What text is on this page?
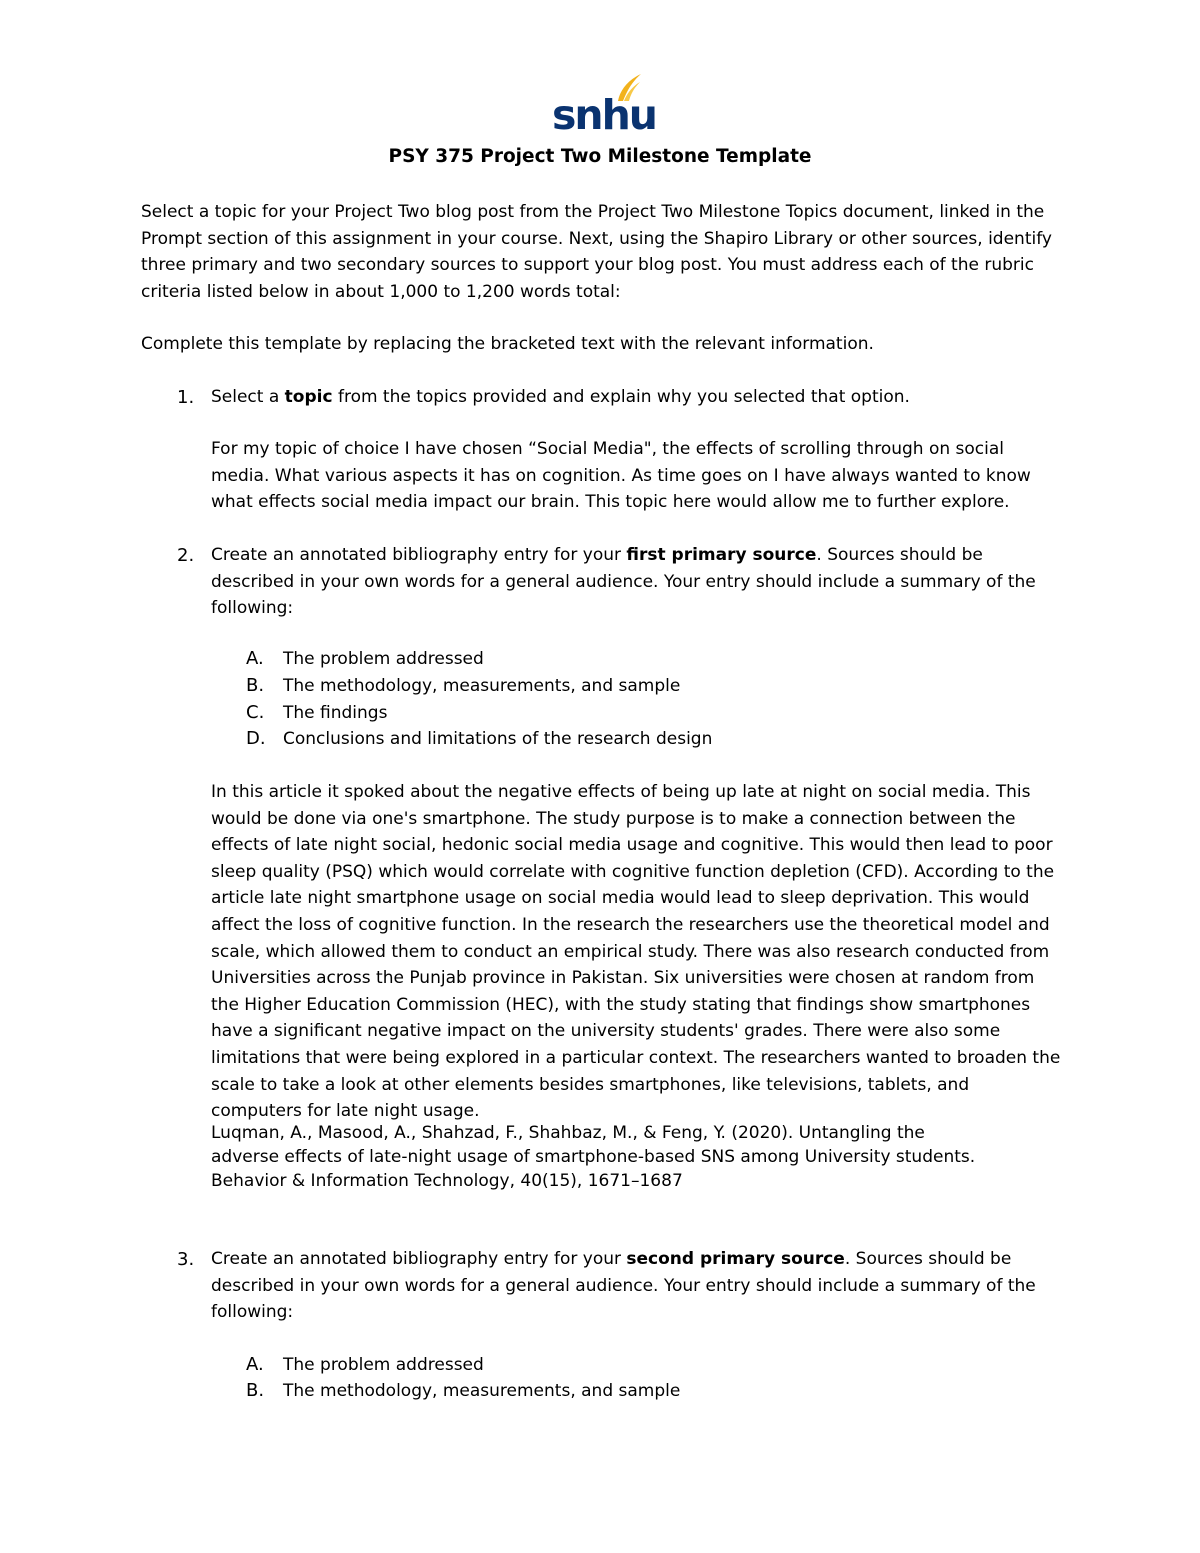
snhu
PSY 375 Project Two Milestone Template

Select a topic for your Project Two blog post from the Project Two Milestone Topics document, linked in the Prompt section of this assignment in your course. Next, using the Shapiro Library or other sources, identify three primary and two secondary sources to support your blog post. You must address each of the rubric criteria listed below in about 1,000 to 1,200 words total:

Complete this template by replacing the bracketed text with the relevant information.

1. Select a topic from the topics provided and explain why you selected that option.

For my topic of choice I have chosen “Social Media", the effects of scrolling through on social media. What various aspects it has on cognition. As time goes on I have always wanted to know what effects social media impact our brain. This topic here would allow me to further explore.

2. Create an annotated bibliography entry for your first primary source. Sources should be described in your own words for a general audience. Your entry should include a summary of the following:

A. The problem addressed
B. The methodology, measurements, and sample
C. The findings
D. Conclusions and limitations of the research design

In this article it spoked about the negative effects of being up late at night on social media. This would be done via one's smartphone. The study purpose is to make a connection between the effects of late night social, hedonic social media usage and cognitive. This would then lead to poor sleep quality (PSQ) which would correlate with cognitive function depletion (CFD). According to the article late night smartphone usage on social media would lead to sleep deprivation. This would affect the loss of cognitive function. In the research the researchers use the theoretical model and scale, which allowed them to conduct an empirical study. There was also research conducted from Universities across the Punjab province in Pakistan. Six universities were chosen at random from the Higher Education Commission (HEC), with the study stating that findings show smartphones have a significant negative impact on the university students' grades. There were also some limitations that were being explored in a particular context. The researchers wanted to broaden the scale to take a look at other elements besides smartphones, like televisions, tablets, and computers for late night usage.

Luqman, A., Masood, A., Shahzad, F., Shahbaz, M., & Feng, Y. (2020). Untangling the
adverse effects of late-night usage of smartphone-based SNS among University students.
Behavior & Information Technology, 40(15), 1671–1687
3. Create an annotated bibliography entry for your second primary source. Sources should be described in your own words for a general audience. Your entry should include a summary of the following:

A. The problem addressed
B. The methodology, measurements, and sample
